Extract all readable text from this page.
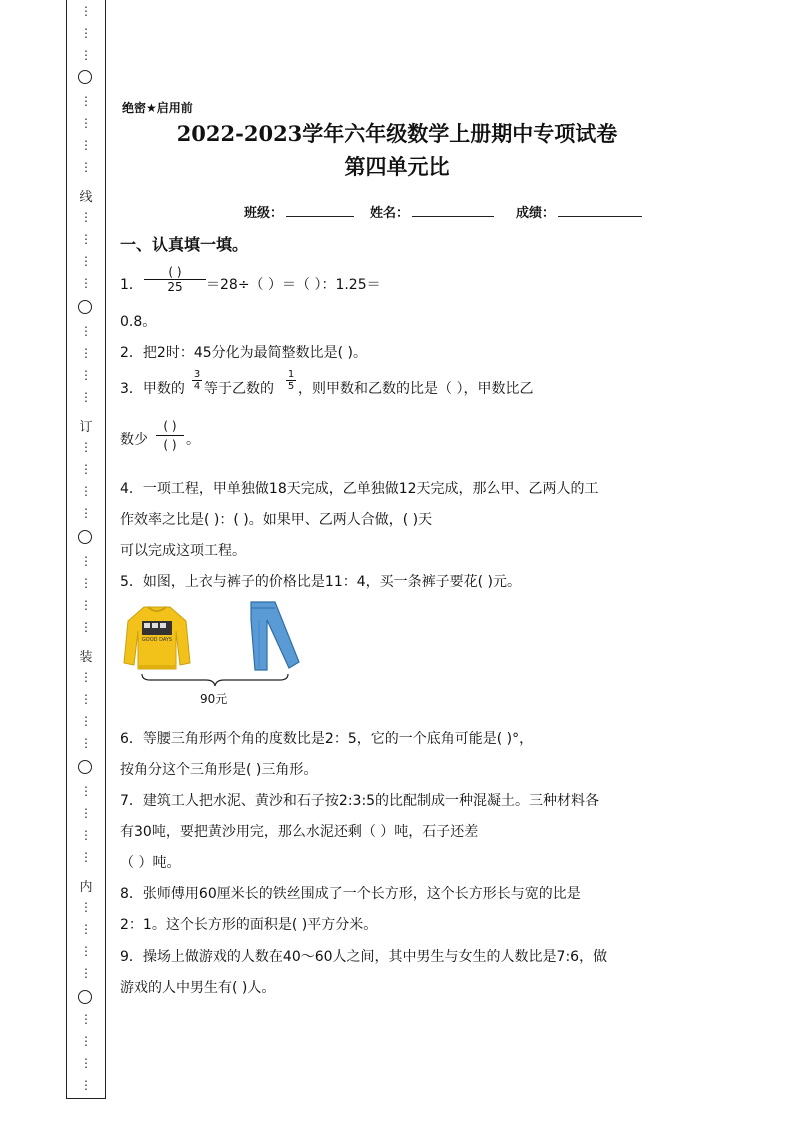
⋮
⋮
⋮
⋮
⋮
⋮
⋮
线
⋮
⋮
⋮
⋮
⋮
⋮
⋮
⋮
订
⋮
⋮
⋮
⋮
⋮
⋮
⋮
⋮
装
⋮
⋮
⋮
⋮
⋮
⋮
⋮
⋮
内
⋮
⋮
⋮
⋮
⋮
⋮
⋮
⋮
绝密★启用前
2022-2023学年六年级数学上册期中专项试卷
第四单元比
班级：	姓名：	成绩：
一、认真填一填。
1．
( )
25	＝28÷（ ）＝（ ）：1.25＝
0.8。
2．把2时：45分化为最简整数比是( )。
3．甲数的 $\frac{3}{4}$ 等于乙数的 $\frac{1}{5}$ ，则甲数和乙数的比是（ ），甲数比乙
数少
( )
( ) 。
4．一项工程，甲单独做18天完成，乙单独做12天完成，那么甲、乙两人的工
作效率之比是( )：( )。如果甲、乙两人合做，( )天
可以完成这项工程。
5．如图，上衣与裤子的价格比是11：4，买一条裤子要花( )元。
GOOD DAYS
90元
6．等腰三角形两个角的度数比是2：5，它的一个底角可能是( )°，
按角分这个三角形是( )三角形。
7．建筑工人把水泥、黄沙和石子按2:3:5的比配制成一种混凝土。三种材料各
有30吨，要把黄沙用完，那么水泥还剩（ ）吨，石子还差
（ ）吨。
8．张师傅用60厘米长的铁丝围成了一个长方形，这个长方形长与宽的比是
2：1。这个长方形的面积是( )平方分米。
9．操场上做游戏的人数在40～60人之间，其中男生与女生的人数比是7:6，做
游戏的人中男生有( )人。
